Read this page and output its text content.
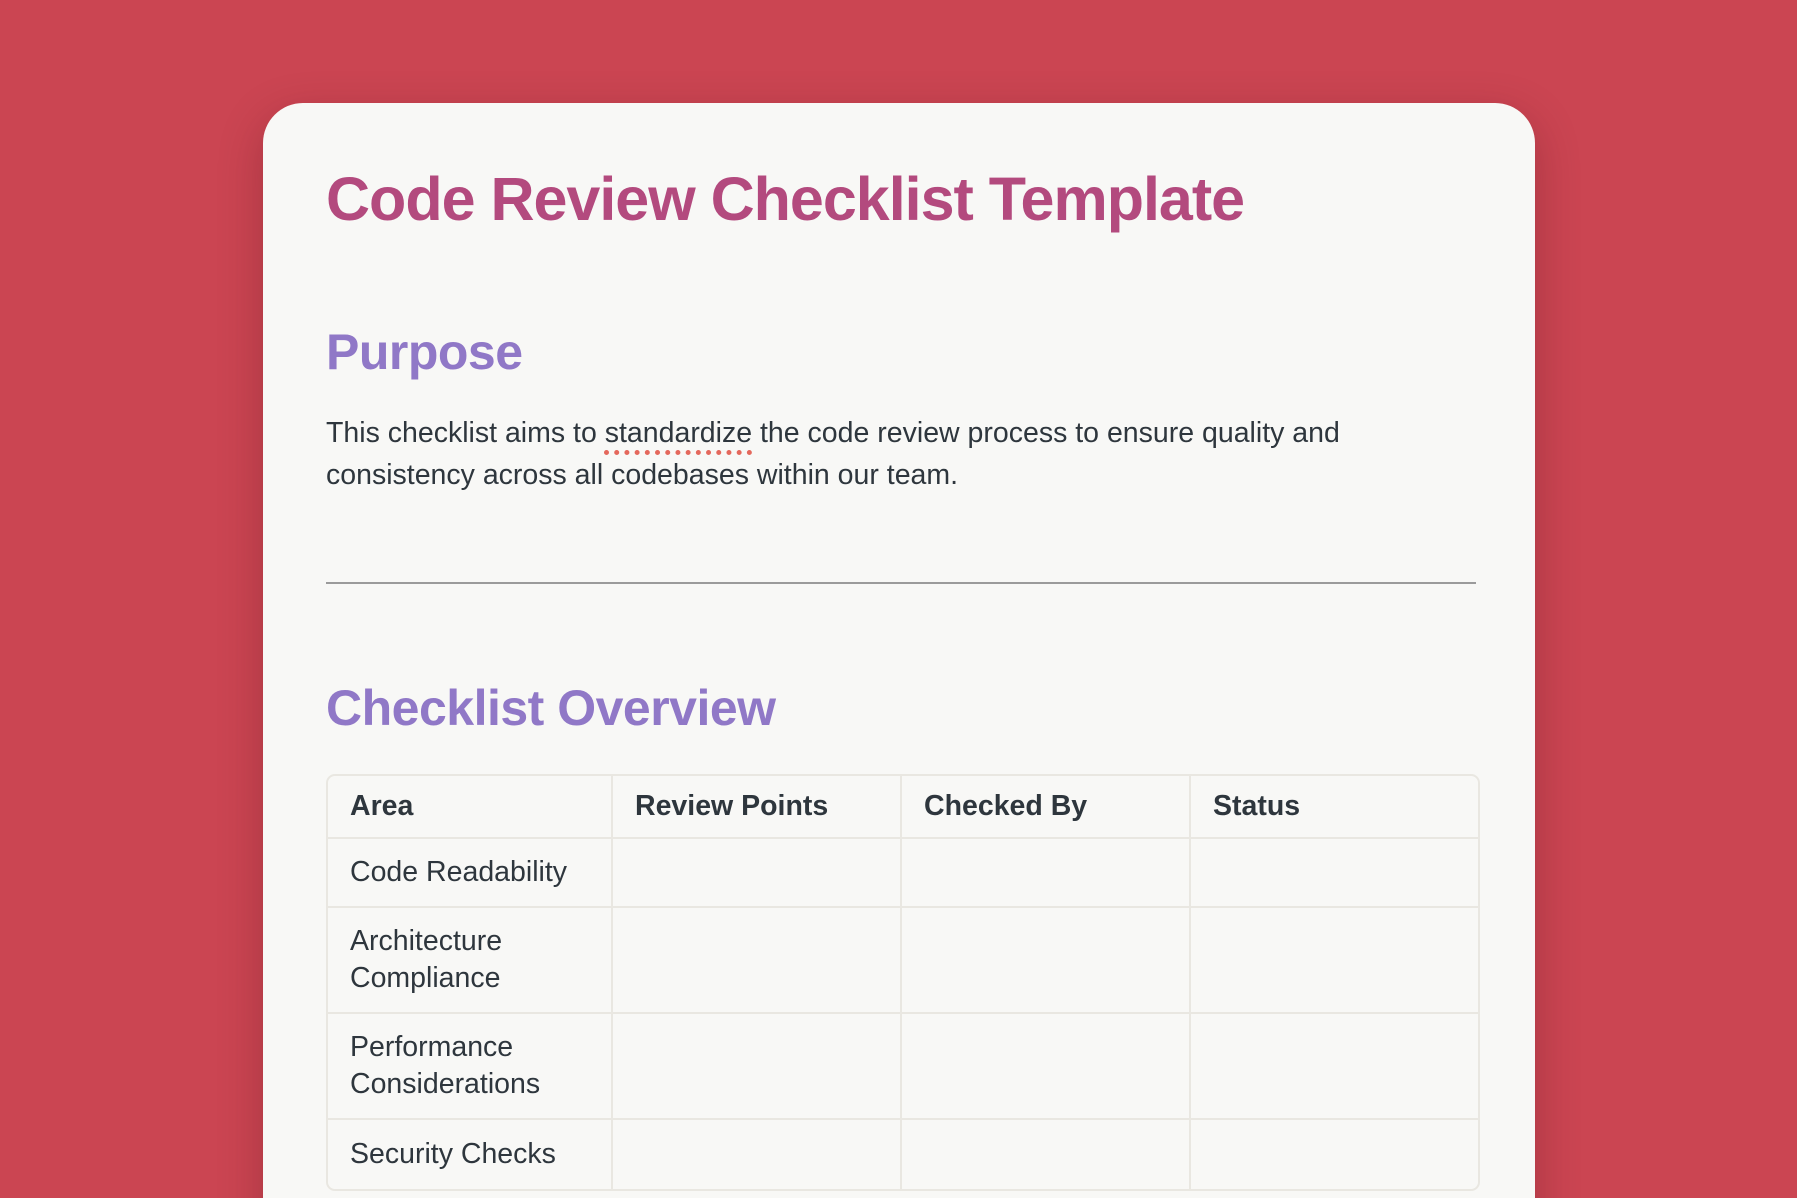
Code Review Checklist Template
Purpose

This checklist aims to standardize the code review process to ensure quality and consistency across all codebases within our team.

Checklist Overview
Area	Review Points	Checked By	Status
Code Readability			
Architecture Compliance			
Performance Considerations			
Security Checks			
